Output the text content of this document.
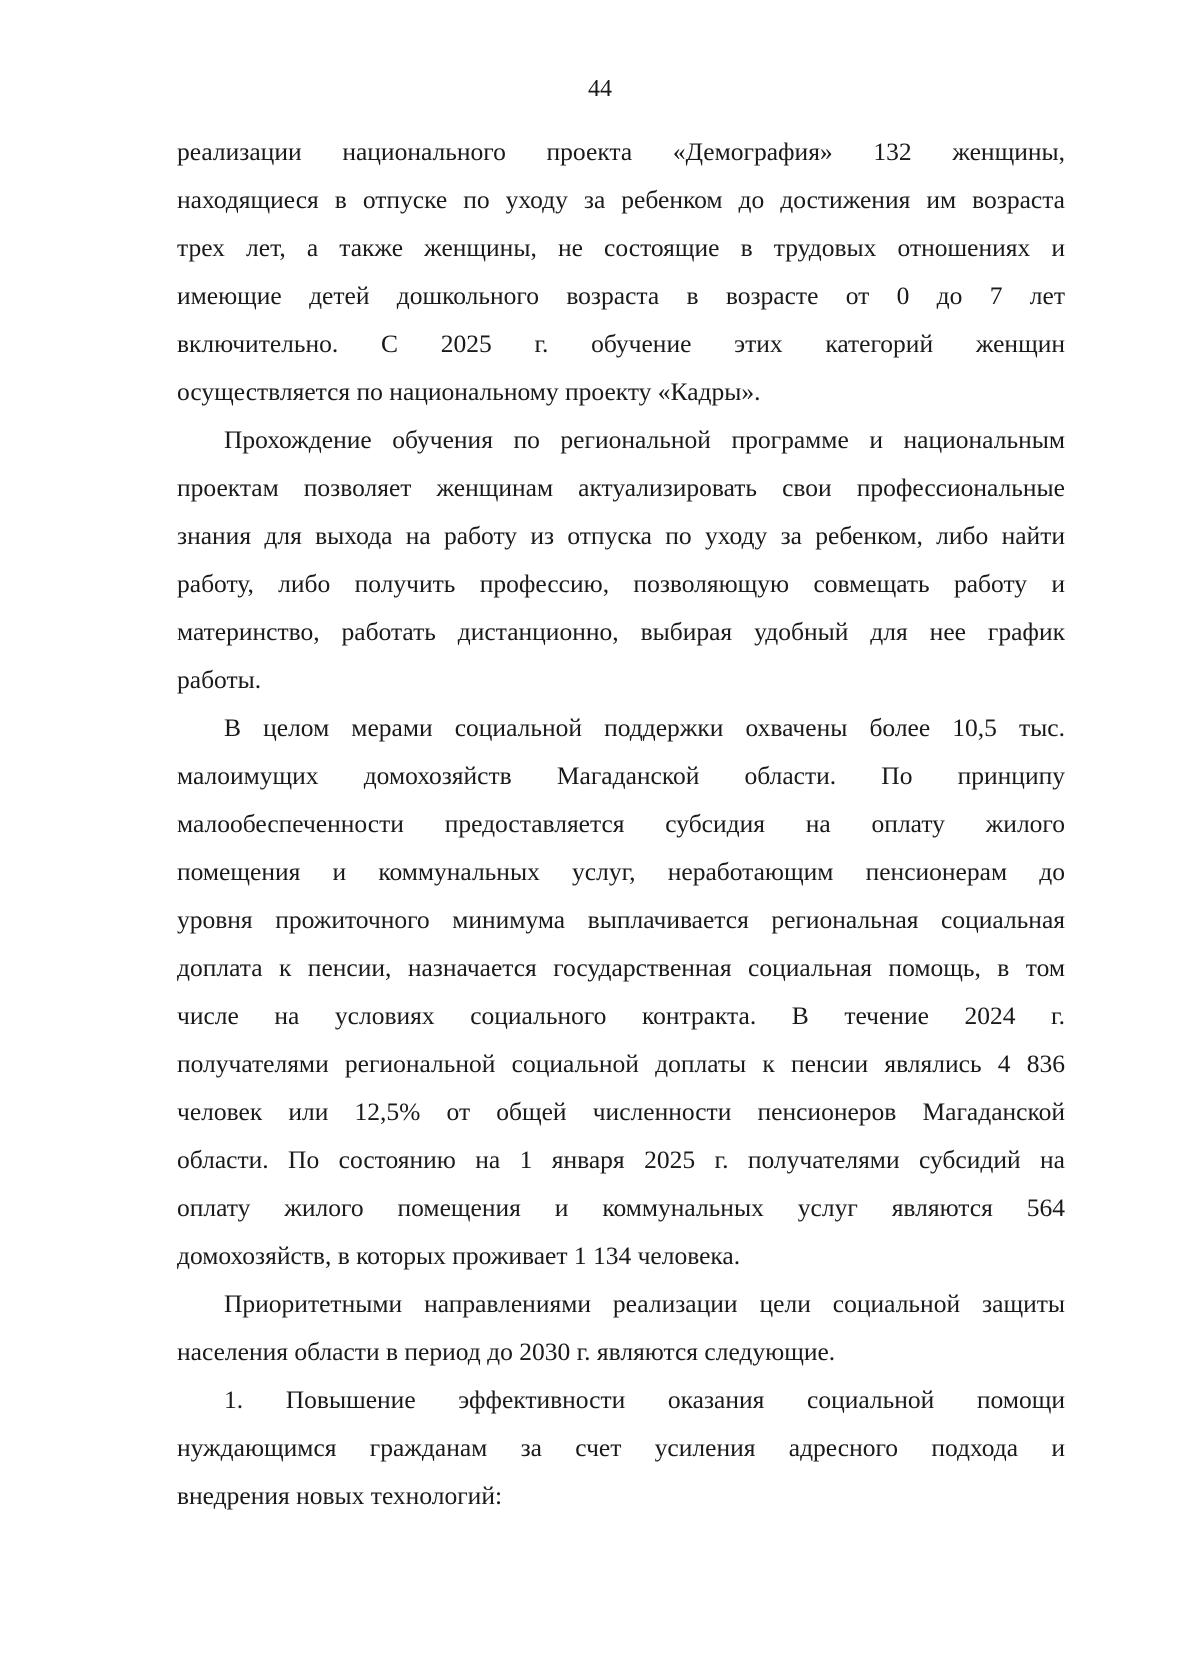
44

реализации национального проекта «Демография» 132 женщины,
находящиеся в отпуске по уходу за ребенком до достижения им возраста
трех лет, а также женщины, не состоящие в трудовых отношениях и
имеющие детей дошкольного возраста в возрасте от 0 до 7 лет
включительно. С 2025 г. обучение этих категорий женщин
осуществляется по национальному проекту «Кадры».

Прохождение обучения по региональной программе и национальным
проектам позволяет женщинам актуализировать свои профессиональные
знания для выхода на работу из отпуска по уходу за ребенком, либо найти
работу, либо получить профессию, позволяющую совмещать работу и
материнство, работать дистанционно, выбирая удобный для нее график
работы.

В целом мерами социальной поддержки охвачены более 10,5 тыс.
малоимущих домохозяйств Магаданской области. По принципу
малообеспеченности предоставляется субсидия на оплату жилого
помещения и коммунальных услуг, неработающим пенсионерам до
уровня прожиточного минимума выплачивается региональная социальная
доплата к пенсии, назначается государственная социальная помощь, в том
числе на условиях социального контракта. В течение 2024 г.
получателями региональной социальной доплаты к пенсии являлись 4 836
человек или 12,5% от общей численности пенсионеров Магаданской
области. По состоянию на 1 января 2025 г. получателями субсидий на
оплату жилого помещения и коммунальных услуг являются 564
домохозяйств, в которых проживает 1 134 человека.

Приоритетными направлениями реализации цели социальной защиты
населения области в период до 2030 г. являются следующие.

1. Повышение эффективности оказания социальной помощи
нуждающимся гражданам за счет усиления адресного подхода и
внедрения новых технологий:
